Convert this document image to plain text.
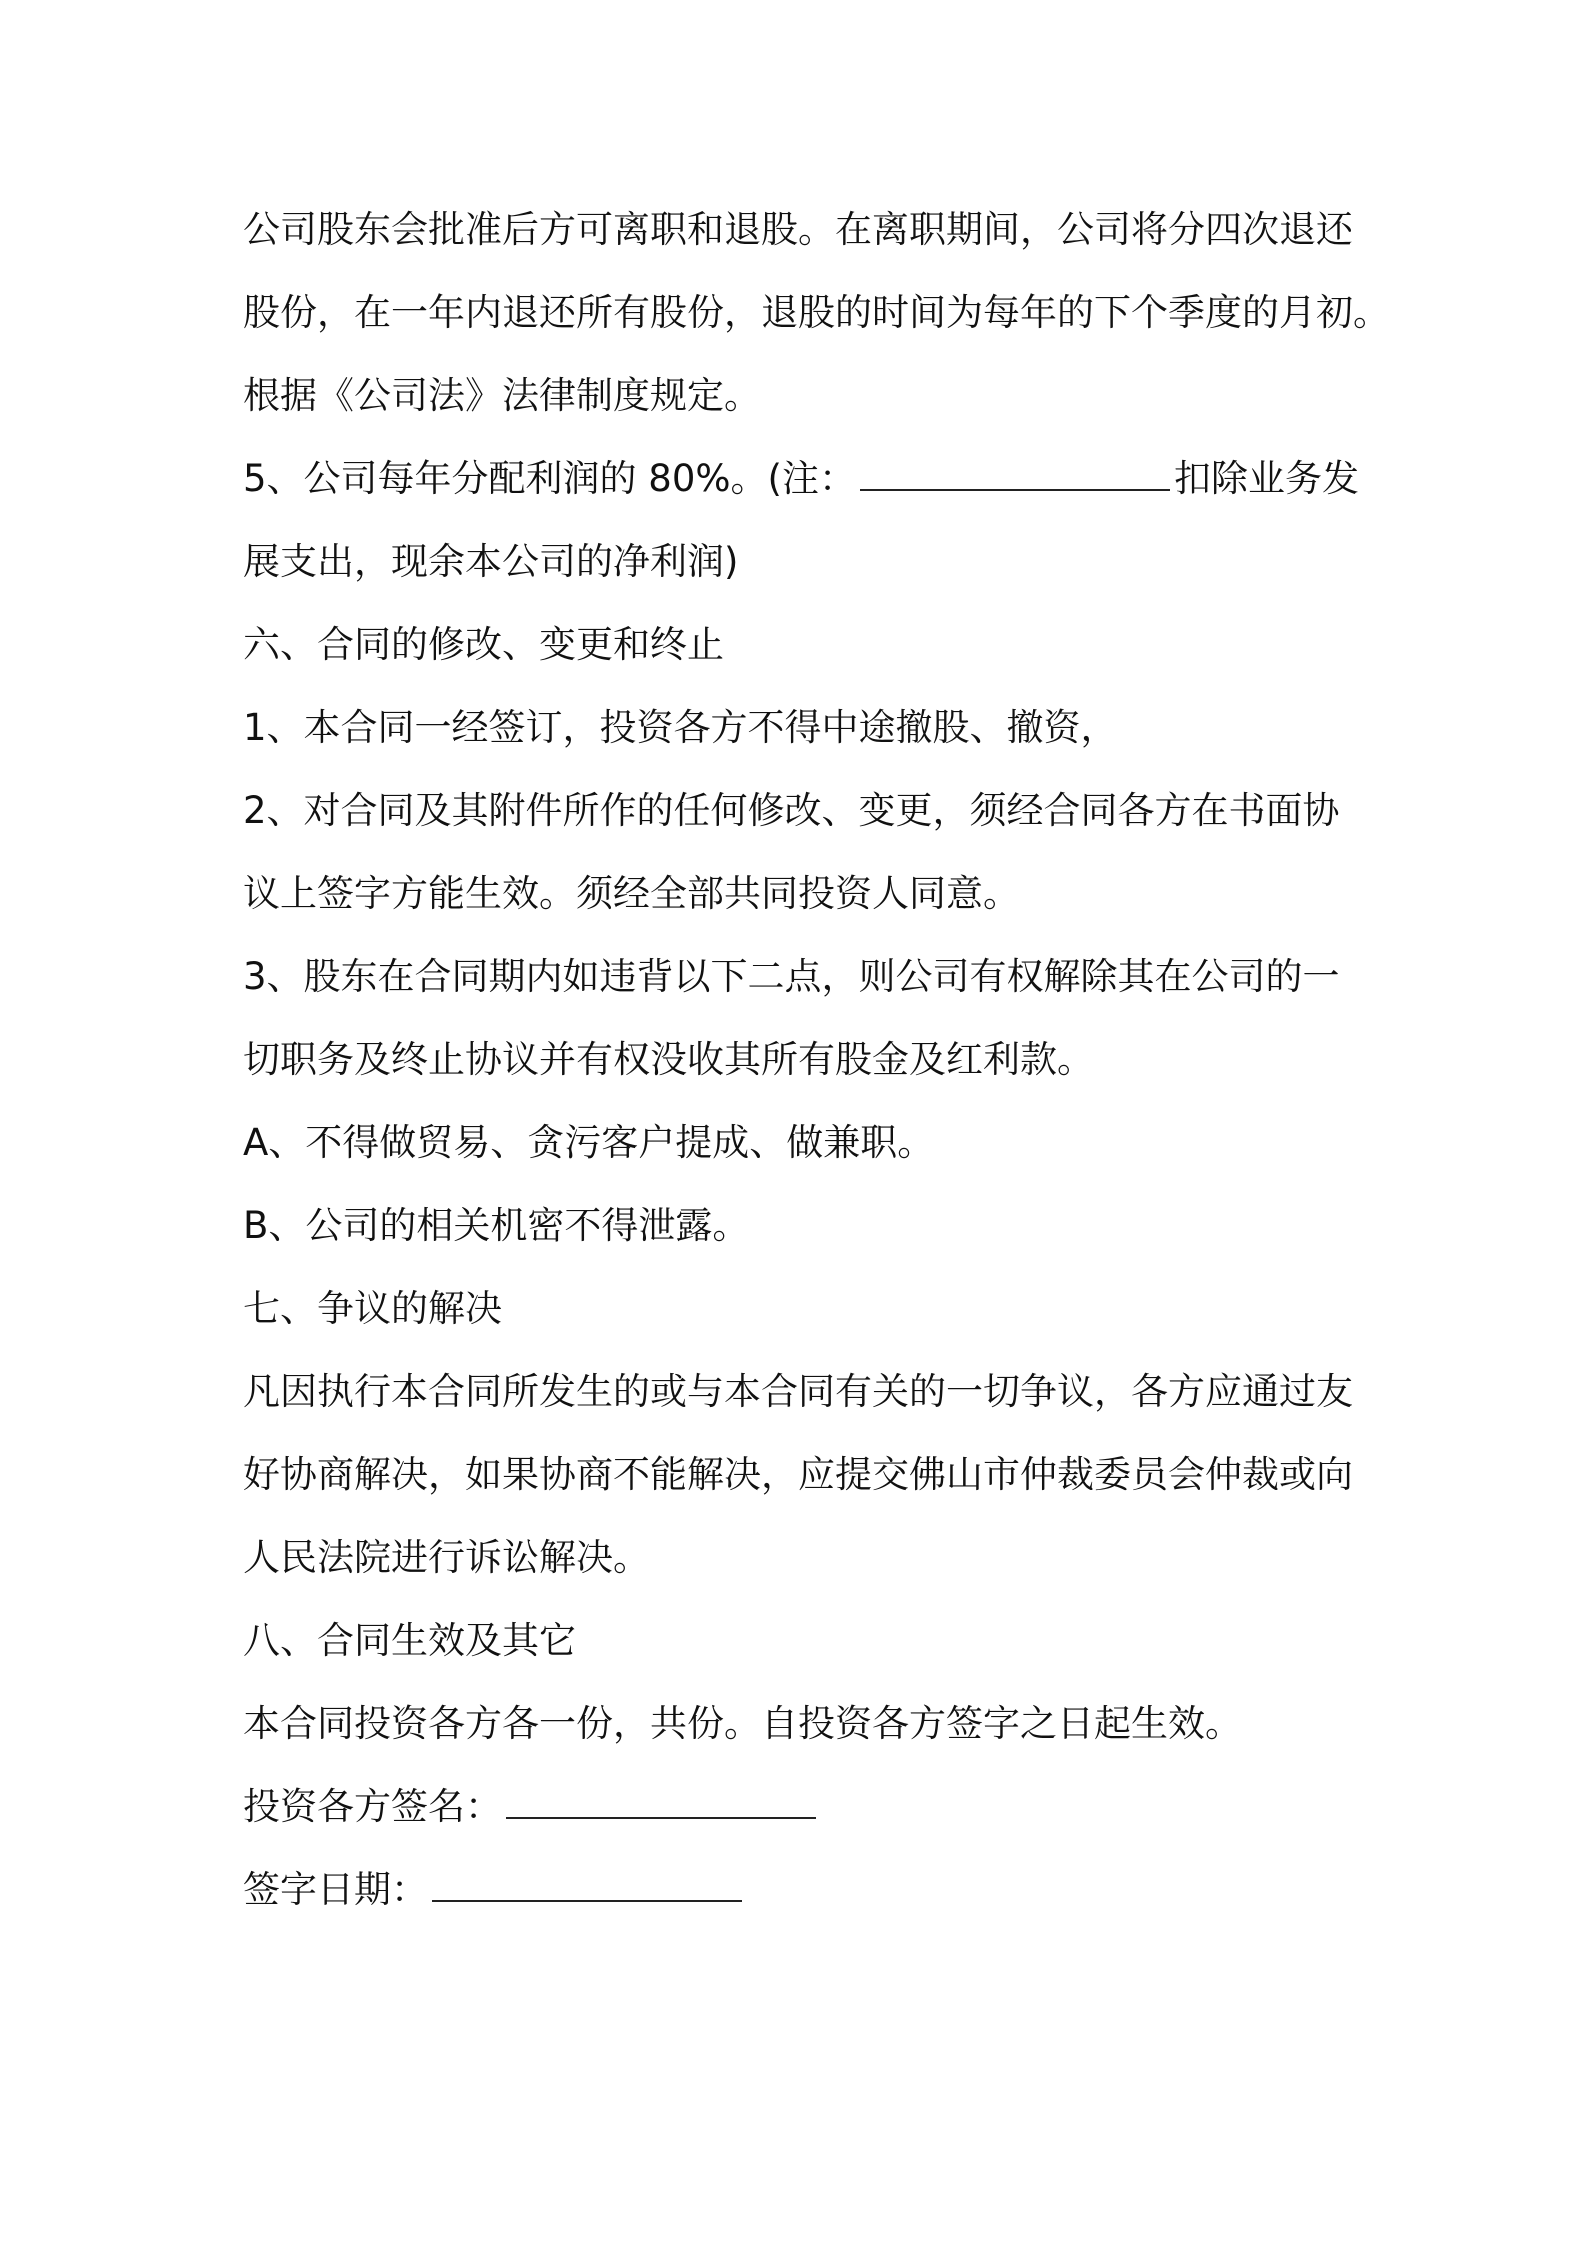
公司股东会批准后方可离职和退股。在离职期间，公司将分四次退还
股份，在一年内退还所有股份，退股的时间为每年的下个季度的月初。
根据《公司法》法律制度规定。
5、公司每年分配利润的 80%。(注：	扣除业务发
展支出，现余本公司的净利润)
六、合同的修改、变更和终止
1、本合同一经签订，投资各方不得中途撤股、撤资，
2、对合同及其附件所作的任何修改、变更，须经合同各方在书面协
议上签字方能生效。须经全部共同投资人同意。
3、股东在合同期内如违背以下二点，则公司有权解除其在公司的一
切职务及终止协议并有权没收其所有股金及红利款。
A、不得做贸易、贪污客户提成、做兼职。
B、公司的相关机密不得泄露。
七、争议的解决
凡因执行本合同所发生的或与本合同有关的一切争议，各方应通过友
好协商解决，如果协商不能解决，应提交佛山市仲裁委员会仲裁或向
人民法院进行诉讼解决。
八、合同生效及其它
本合同投资各方各一份，共份。自投资各方签字之日起生效。
投资各方签名：
签字日期：
